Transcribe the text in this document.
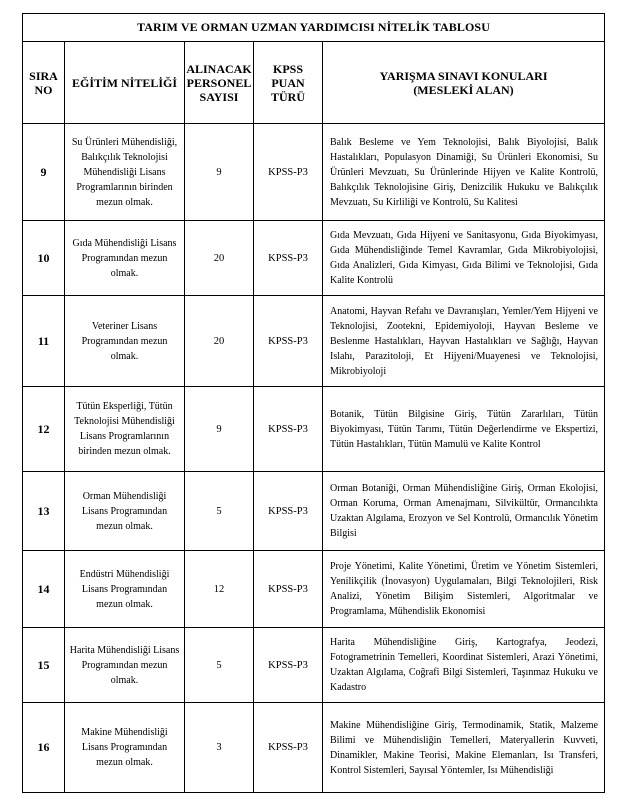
TARIM VE ORMAN UZMAN YARDIMCISI NİTELİK TABLOSU				

SIRA
NO	EĞİTİM NİTELİĞİ	ALINACAK
PERSONEL
SAYISI	KPSS
PUAN
TÜRÜ	YARIŞMA SINAVI KONULARI
(MESLEKİ ALAN)

9	Su Ürünleri Mühendisliği, Balıkçılık Teknolojisi Mühendisliği Lisans Programlarının birinden mezun olmak.	9	KPSS-P3	Balık Besleme ve Yem Teknolojisi, Balık Biyolojisi, Balık Hastalıkları, Populasyon Dinamiği, Su Ürünleri Ekonomisi, Su Ürünleri Mevzuatı, Su Ürünlerinde Hijyen ve Kalite Kontrolü, Balıkçılık Teknolojisine Giriş, Denizcilik Hukuku ve Balıkçılık Mevzuatı, Su Kirliliği ve Kontrolü, Su Kalitesi
10	Gıda Mühendisliği Lisans Programından mezun olmak.	20	KPSS-P3	Gıda Mevzuatı, Gıda Hijyeni ve Sanitasyonu, Gıda Biyokimyası, Gıda Mühendisliğinde Temel Kavramlar, Gıda Mikrobiyolojisi, Gıda Analizleri, Gıda Kimyası, Gıda Bilimi ve Teknolojisi, Gıda Kalite Kontrolü
11	Veteriner Lisans Programından mezun olmak.	20	KPSS-P3	Anatomi, Hayvan Refahı ve Davranışları, Yemler/Yem Hijyeni ve Teknolojisi, Zootekni, Epidemiyoloji, Hayvan Besleme ve Beslenme Hastalıkları, Hayvan Hastalıkları ve Sağlığı, Hayvan Islahı, Parazitoloji, Et Hijyeni/Muayenesi ve Teknolojisi, Mikrobiyoloji
12	Tütün Eksperliği, Tütün Teknolojisi Mühendisliği Lisans Programlarının birinden mezun olmak.	9	KPSS-P3	Botanik, Tütün Bilgisine Giriş, Tütün Zararlıları, Tütün Biyokimyası, Tütün Tarımı, Tütün Değerlendirme ve Ekspertizi, Tütün Hastalıkları, Tütün Mamulü ve Kalite Kontrol
13	Orman Mühendisliği Lisans Programından mezun olmak.	5	KPSS-P3	Orman Botaniği, Orman Mühendisliğine Giriş, Orman Ekolojisi, Orman Koruma, Orman Amenajmanı, Silvikültür, Ormancılıkta Uzaktan Algılama, Erozyon ve Sel Kontrolü, Ormancılık Yönetim Bilgisi
14	Endüstri Mühendisliği Lisans Programından mezun olmak.	12	KPSS-P3	Proje Yönetimi, Kalite Yönetimi, Üretim ve Yönetim Sistemleri, Yenilikçilik (İnovasyon) Uygulamaları, Bilgi Teknolojileri, Risk Analizi, Yönetim Bilişim Sistemleri, Algoritmalar ve Programlama, Mühendislik Ekonomisi
15	Harita Mühendisliği Lisans Programından mezun olmak.	5	KPSS-P3	Harita Mühendisliğine Giriş, Kartografya, Jeodezi, Fotogrametrinin Temelleri, Koordinat Sistemleri, Arazi Yönetimi, Uzaktan Algılama, Coğrafi Bilgi Sistemleri, Taşınmaz Hukuku ve Kadastro
16	Makine Mühendisliği Lisans Programından mezun olmak.	3	KPSS-P3	Makine Mühendisliğine Giriş, Termodinamik, Statik, Malzeme Bilimi ve Mühendisliğin Temelleri, Materyallerin Kuvveti, Dinamikler, Makine Teorisi, Makine Elemanları, Isı Transferi, Kontrol Sistemleri, Sayısal Yöntemler, Isı Mühendisliği
